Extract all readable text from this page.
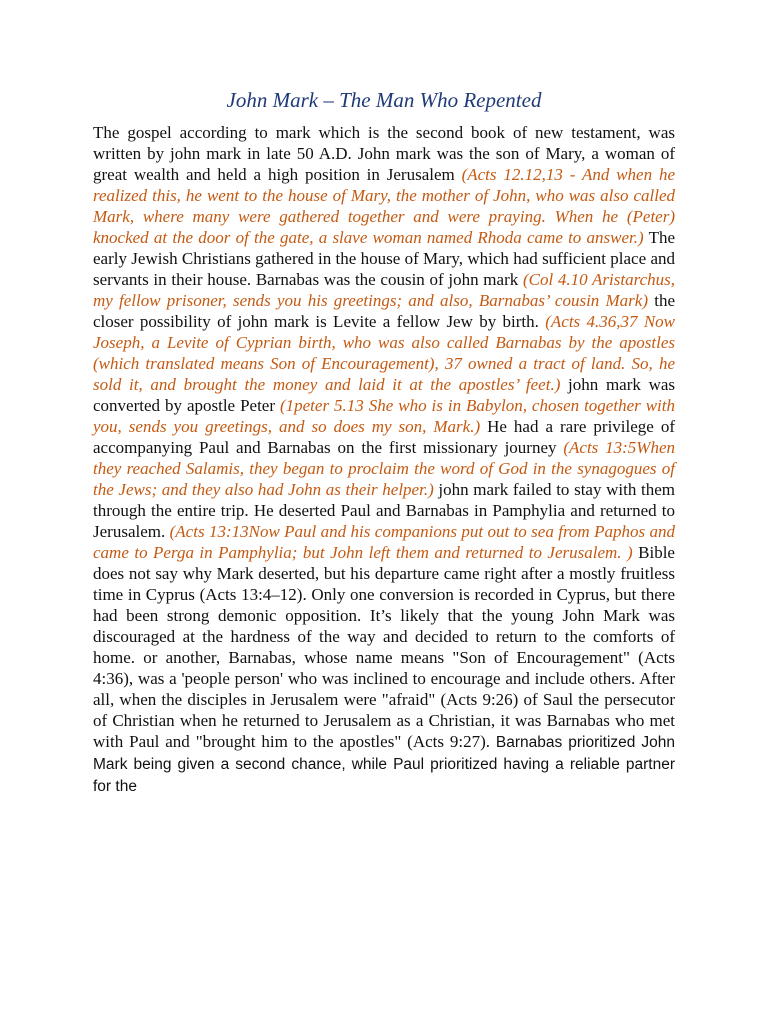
John Mark – The Man Who Repented

The gospel according to mark which is the second book of new testament, was written by john mark in late 50 A.D. John mark was the son of Mary, a woman of great wealth and held a high position in Jerusalem (Acts 12.12,13 - And when he realized this, he went to the house of Mary, the mother of John, who was also called Mark, where many were gathered together and were praying. When he (Peter) knocked at the door of the gate, a slave woman named Rhoda came to answer.) The early Jewish Christians gathered in the house of Mary, which had sufficient place and servants in their house. Barnabas was the cousin of john mark (Col 4.10 Aristarchus, my fellow prisoner, sends you his greetings; and also, Barnabas’ cousin Mark) the closer possibility of john mark is Levite a fellow Jew by birth. (Acts 4.36,37 Now Joseph, a Levite of Cyprian birth, who was also called Barnabas by the apostles (which translated means Son of Encouragement), 37 owned a tract of land. So, he sold it, and brought the money and laid it at the apostles’ feet.) john mark was converted by apostle Peter (1peter 5.13 She who is in Babylon, chosen together with you, sends you greetings, and so does my son, Mark.) He had a rare privilege of accompanying Paul and Barnabas on the first missionary journey (Acts 13:5When they reached Salamis, they began to proclaim the word of God in the synagogues of the Jews; and they also had John as their helper.) john mark failed to stay with them through the entire trip. He deserted Paul and Barnabas in Pamphylia and returned to Jerusalem. (Acts 13:13Now Paul and his companions put out to sea from Paphos and came to Perga in Pamphylia; but John left them and returned to Jerusalem. ) Bible does not say why Mark deserted, but his departure came right after a mostly fruitless time in Cyprus (Acts 13:4–12). Only one conversion is recorded in Cyprus, but there had been strong demonic opposition. It’s likely that the young John Mark was discouraged at the hardness of the way and decided to return to the comforts of home. or another, Barnabas, whose name means "Son of Encouragement" (Acts 4:36), was a 'people person' who was inclined to encourage and include others. After all, when the disciples in Jerusalem were "afraid" (Acts 9:26) of Saul the persecutor of Christian when he returned to Jerusalem as a Christian, it was Barnabas who met with Paul and "brought him to the apostles" (Acts 9:27). Barnabas prioritized John Mark being given a second chance, while Paul prioritized having a reliable partner for the
